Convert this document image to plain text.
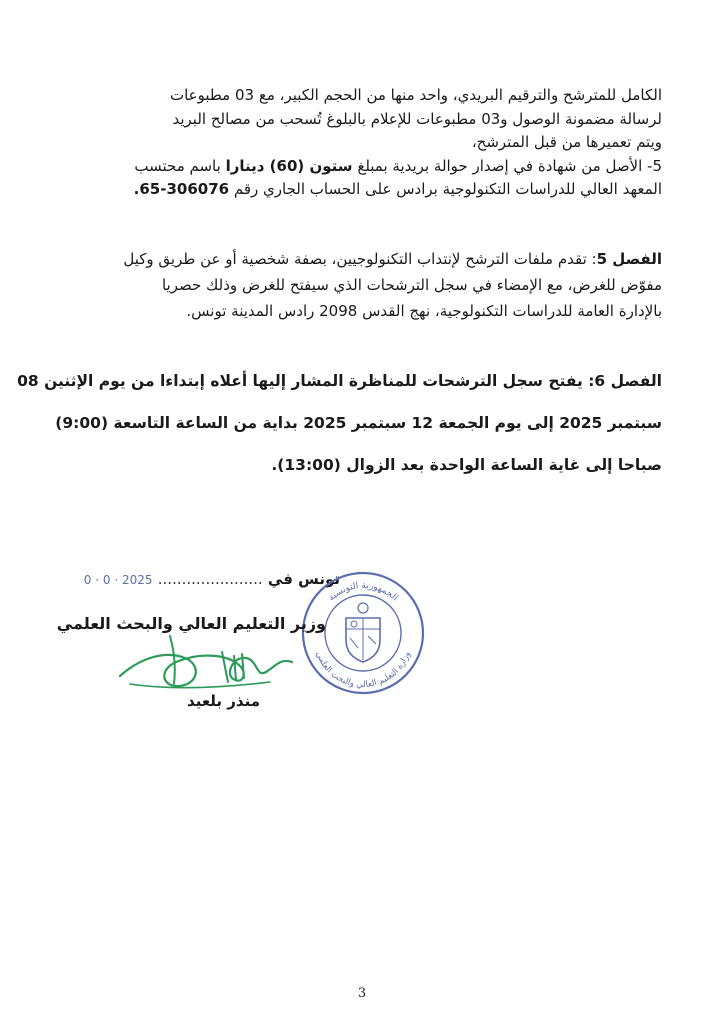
الكامل للمترشح والترقيم البريدي، واحد منها من الحجم الكبير، مع 03 مطبوعات
لرسالة مضمونة الوصول و03 مطبوعات للإعلام بالبلوغ تُسحب من مصالح البريد
ويتم تعميرها من قبل المترشح،
5- الأصل من شهادة في إصدار حوالة بريدية بمبلغ ستون (60) دينارا باسم محتسب
المعهد العالي للدراسات التكنولوجية برادس على الحساب الجاري رقم 306076-65.
الفصل 5: تقدم ملفات الترشح لإنتداب التكنولوجيين، بصفة شخصية أو عن طريق وكيل
مفوّض للغرض، مع الإمضاء في سجل الترشحات الذي سيفتح للغرض وذلك حصريا
بالإدارة العامة للدراسات التكنولوجية، نهج القدس 2098 رادس المدينة تونس.
الفصل 6: يفتح سجل الترشحات للمناظرة المشار إليها أعلاه إبتداءا من يوم الإثنين 08
سبتمبر 2025 إلى يوم الجمعة 12 سبتمبر 2025 بداية من الساعة التاسعة (9:00)
صباحا إلى غاية الساعة الواحدة بعد الزوال (13:00).
تونس في ...................... 2025 · 0 · 0
الجمهورية التونسية
وزارة التعليم العالي والبحث العلمي
وزير التعليم العالي والبحث العلمي
منذر بلعيد
3
